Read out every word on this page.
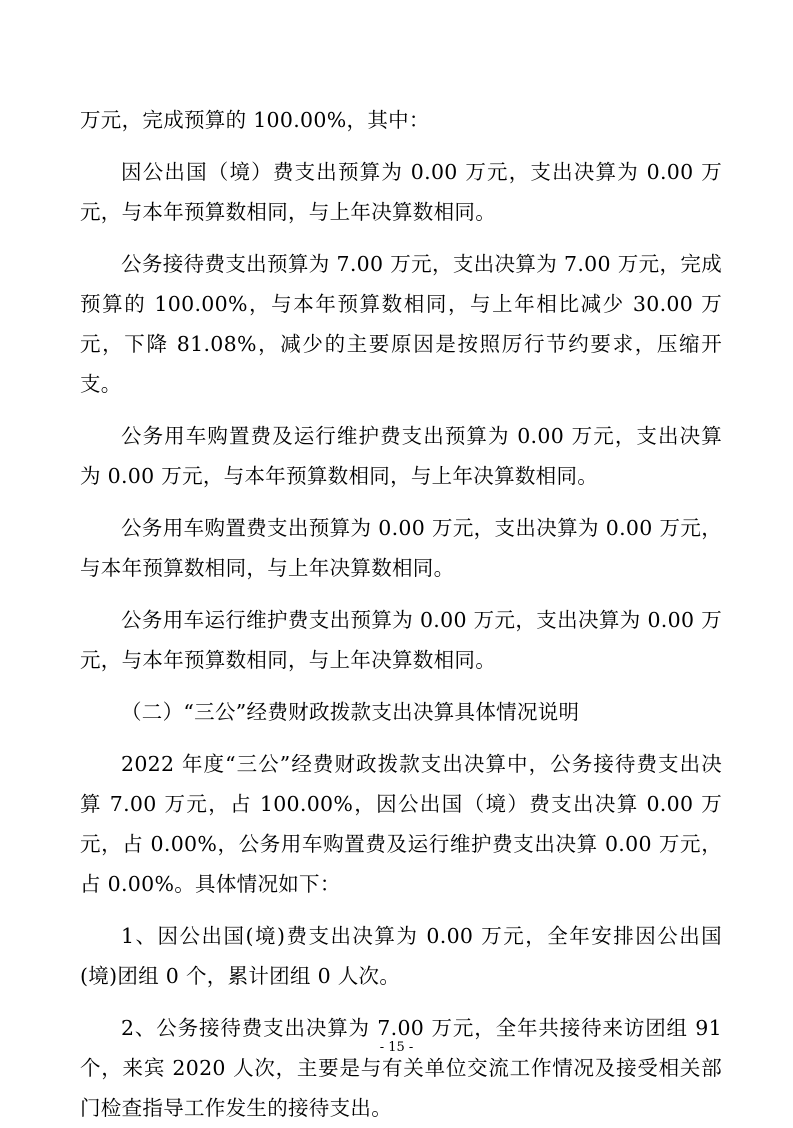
万元，完成预算的 100.00%，其中：

因公出国（境）费支出预算为 0.00 万元，支出决算为 0.00 万元，与本年预算数相同，与上年决算数相同。

公务接待费支出预算为 7.00 万元，支出决算为 7.00 万元，完成预算的 100.00%，与本年预算数相同，与上年相比减少 30.00 万元，下降 81.08%，减少的主要原因是按照厉行节约要求，压缩开支。

公务用车购置费及运行维护费支出预算为 0.00 万元，支出决算为 0.00 万元，与本年预算数相同，与上年决算数相同。

公务用车购置费支出预算为 0.00 万元，支出决算为 0.00 万元，与本年预算数相同，与上年决算数相同。

公务用车运行维护费支出预算为 0.00 万元，支出决算为 0.00 万元，与本年预算数相同，与上年决算数相同。

（二）“三公”经费财政拨款支出决算具体情况说明

2022 年度“三公”经费财政拨款支出决算中，公务接待费支出决算 7.00 万元，占 100.00%，因公出国（境）费支出决算 0.00 万元，占 0.00%，公务用车购置费及运行维护费支出决算 0.00 万元，占 0.00%。具体情况如下：

1、因公出国(境)费支出决算为 0.00 万元，全年安排因公出国(境)团组 0 个，累计团组 0 人次。

2、公务接待费支出决算为 7.00 万元，全年共接待来访团组 91 个，来宾 2020 人次，主要是与有关单位交流工作情况及接受相关部门检查指导工作发生的接待支出。

- 15 -
